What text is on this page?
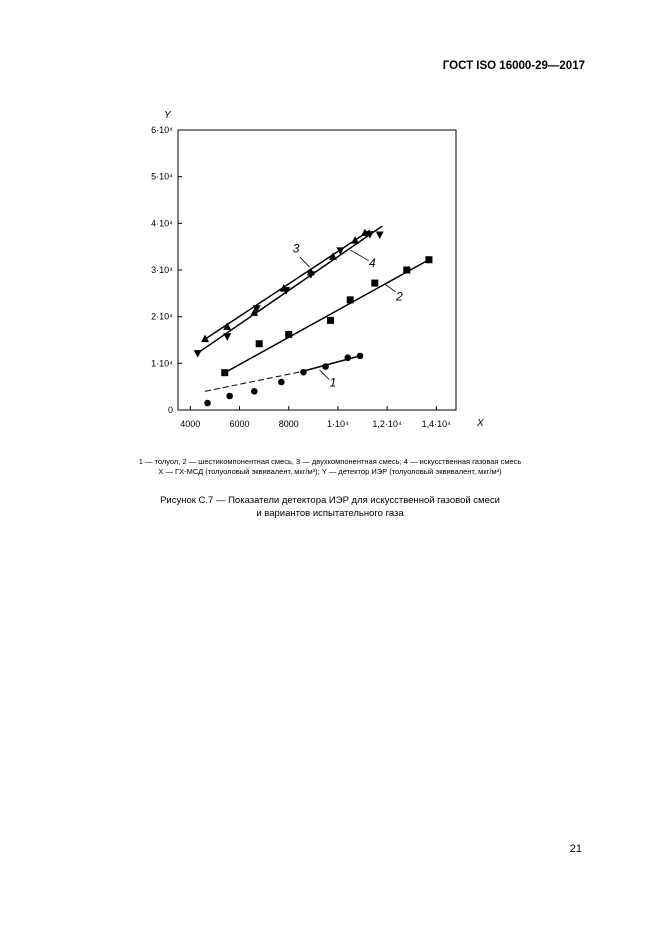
ГОСТ ISO 16000-29—2017
4000	6000	8000	1·10⁴	1,2·10⁴ 1,4·10⁴
0
1·10⁴
2·10⁴
3·10⁴
4·10⁴
5·10⁴
6·10⁴
1
2
3
4
X
Y
1 — толуол, 2 — шестикомпонентная смесь, 3 — двухкомпонентная смесь; 4 — искусственная газовая смесь
X — ГХ-МСД (толуоловый эквивалент, мкг/м³); Y — детектор ИЭР (толуоловый эквивалент, мкг/м³)
Рисунок С.7 — Показатели детектора ИЭР для искусственной газовой смеси
и вариантов испытательного газа
21
